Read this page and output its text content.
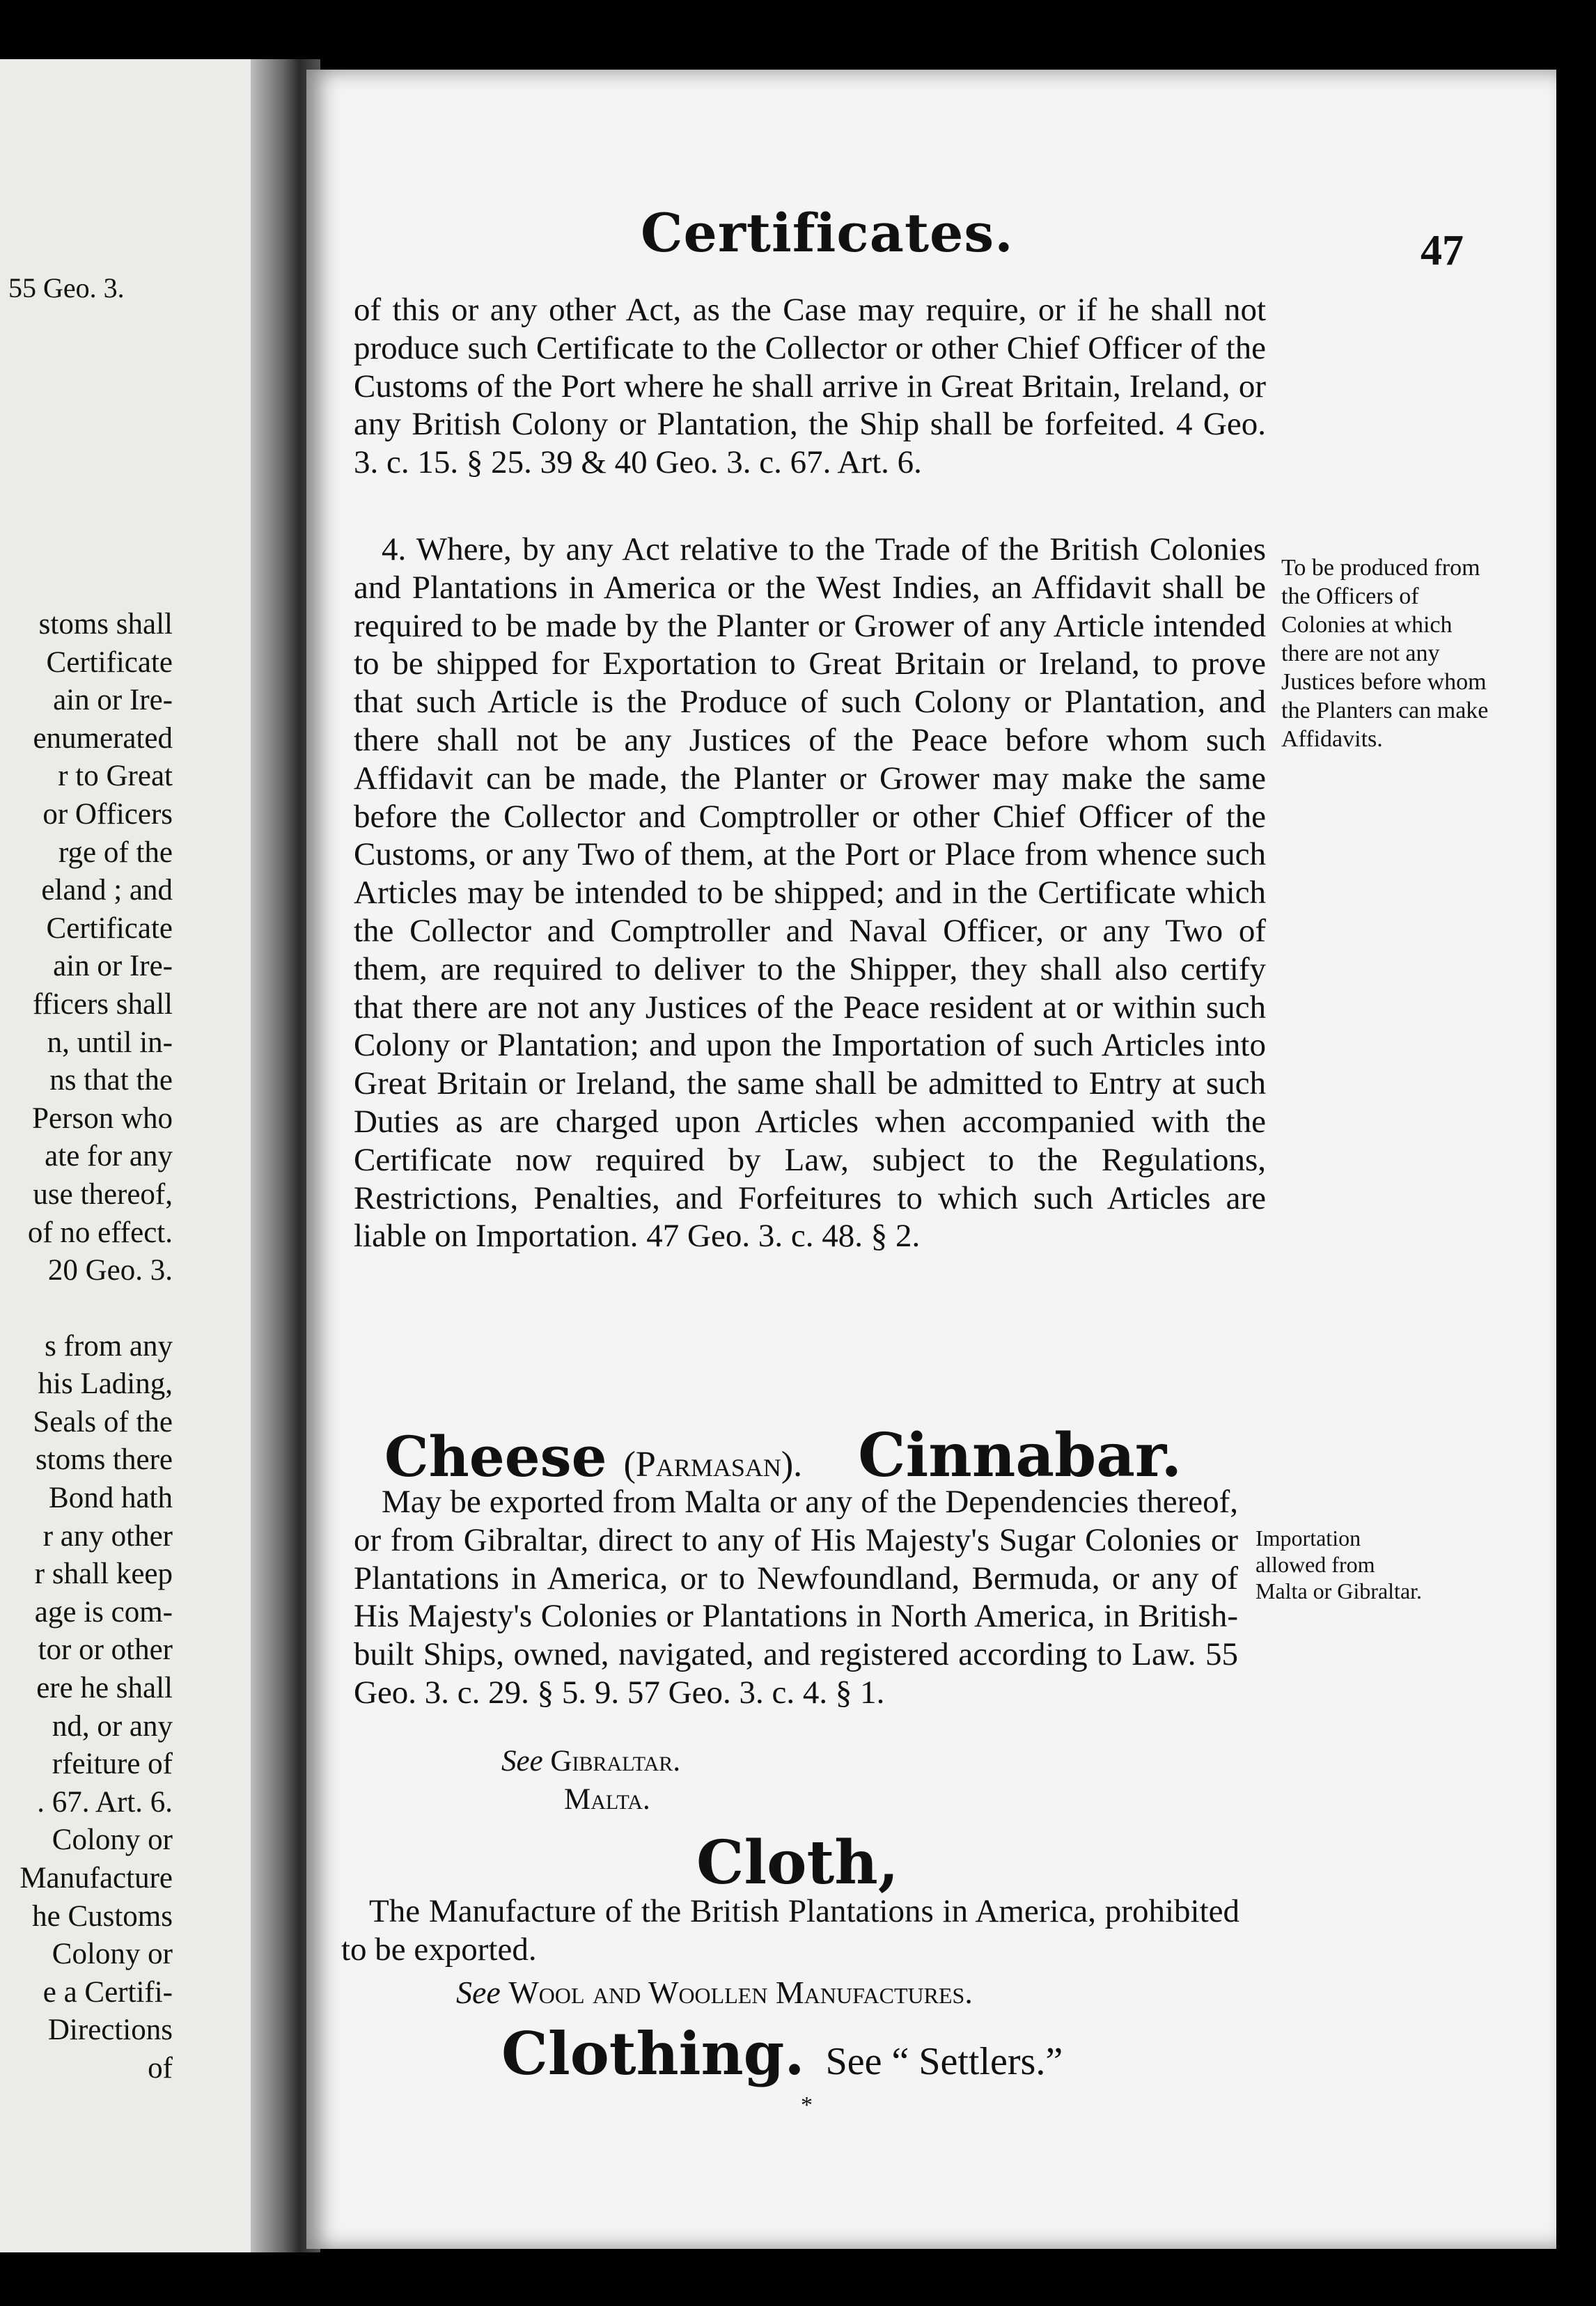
55 Geo. 3.
stoms shall
Certificate
ain or Ire-
enumerated
r to Great
or Officers
rge of the
eland ; and
Certificate
ain or Ire-
fficers shall
n, until in-
ns that the
Person who
ate for any
use thereof,
of no effect.
20 Geo. 3.
s from any
his Lading,
Seals of the
stoms there
Bond hath
r any other
r shall keep
age is com-
tor or other
ere he shall
nd, or any
rfeiture of
. 67. Art. 6.
Colony or
Manufacture
he Customs
Colony or
e a Certifi-
Directions
of
Certificates.	47

of this or any other Act, as the Case may require, or if he shall not produce such Certificate to the Collector or other Chief Officer of the Customs of the Port where he shall arrive in Great Britain, Ireland, or any British Colony or Plantation, the Ship shall be forfeited. 4 Geo. 3. c. 15. § 25. 39 & 40 Geo. 3. c. 67. Art. 6.

4. Where, by any Act relative to the Trade of the British Colonies and Plantations in America or the West Indies, an Affidavit shall be required to be made by the Planter or Grower of any Article intended to be shipped for Exportation to Great Britain or Ireland, to prove that such Article is the Produce of such Colony or Plantation, and there shall not be any Justices of the Peace before whom such Affidavit can be made, the Planter or Grower may make the same before the Collector and Comptroller or other Chief Officer of the Customs, or any Two of them, at the Port or Place from whence such Articles may be intended to be shipped; and in the Certificate which the Collector and Comptroller and Naval Officer, or any Two of them, are required to deliver to the Shipper, they shall also certify that there are not any Justices of the Peace resident at or within such Colony or Plantation; and upon the Importation of such Articles into Great Britain or Ireland, the same shall be admitted to Entry at such Duties as are charged upon Articles when accompanied with the Certificate now required by Law, subject to the Regulations, Restrictions, Penalties, and Forfeitures to which such Articles are liable on Importation. 47 Geo. 3. c. 48. § 2.

To be produced from the Officers of Colonies at which there are not any Justices before whom the Planters can make Affidavits.
Cheese (Parmasan). Cinnabar.

May be exported from Malta or any of the Dependencies thereof, or from Gibraltar, direct to any of His Majesty's Sugar Colonies or Plantations in America, or to Newfoundland, Bermuda, or any of His Majesty's Colonies or Plantations in North America, in British-built Ships, owned, navigated, and registered according to Law. 55 Geo. 3. c. 29. § 5. 9. 57 Geo. 3. c. 4. § 1.

Importation allowed from Malta or Gibraltar.
See Gibraltar.
Malta.
Cloth,

The Manufacture of the British Plantations in America, prohibited to be exported.

See Wool and Woollen Manufactures.
Clothing. See “ Settlers.”
*
